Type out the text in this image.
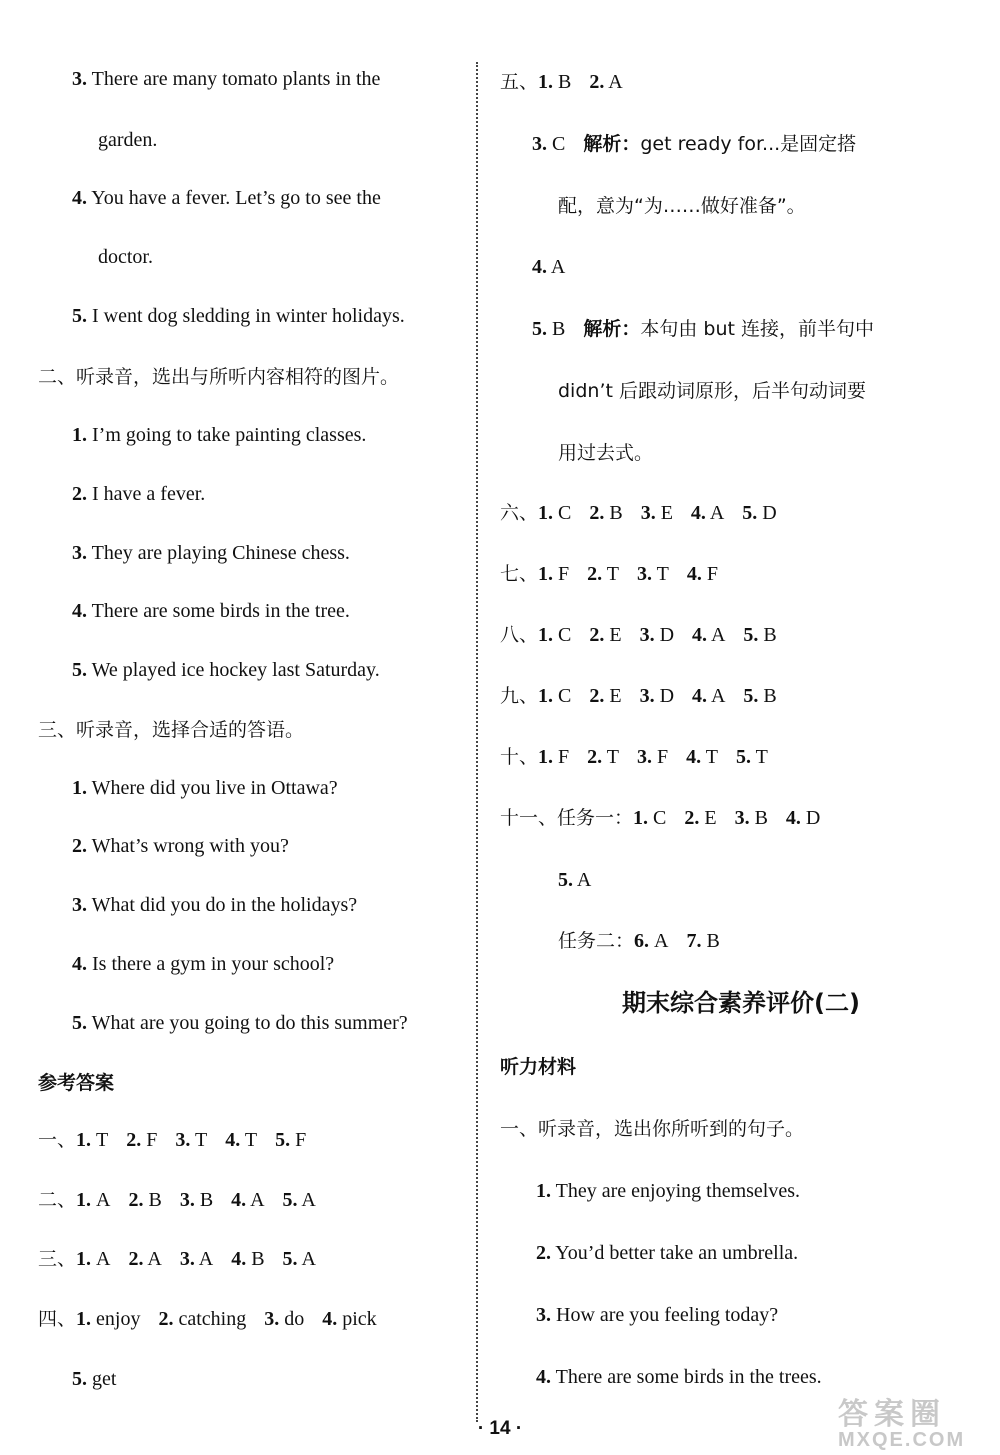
3. There are many tomato plants in the
garden.
4. You have a fever. Let’s go to see the
doctor.
5. I went dog sledding in winter holidays.
二、听录音，选出与所听内容相符的图片。
1. I’m going to take painting classes.
2. I have a fever.
3. They are playing Chinese chess.
4. There are some birds in the tree.
5. We played ice hockey last Saturday.
三、听录音，选择合适的答语。
1. Where did you live in Ottawa?
2. What’s wrong with you?
3. What did you do in the holidays?
4. Is there a gym in your school?
5. What are you going to do this summer?
参考答案
一、1. T 2. F 3. T 4. T 5. F
二、1. A 2. B 3. B 4. A 5. A
三、1. A 2. A 3. A 4. B 5. A
四、1. enjoy 2. catching 3. do 4. pick
5. get
五、1. B 2. A
3. C 解析：get ready for...是固定搭
配，意为“为……做好准备”。
4. A
5. B 解析：本句由 but 连接，前半句中
didn’t 后跟动词原形，后半句动词要
用过去式。
六、1. C 2. B 3. E 4. A 5. D
七、1. F 2. T 3. T 4. F
八、1. C 2. E 3. D 4. A 5. B
九、1. C 2. E 3. D 4. A 5. B
十、1. F 2. T 3. F 4. T 5. T
十一、任务一：1. C 2. E 3. B 4. D
5. A
任务二：6. A 7. B
期末综合素养评价(二)
听力材料
一、听录音，选出你所听到的句子。
1. They are enjoying themselves.
2. You’d better take an umbrella.
3. How are you feeling today?
4. There are some birds in the trees.
· 14 ·	答案圈
MXQE.COM
